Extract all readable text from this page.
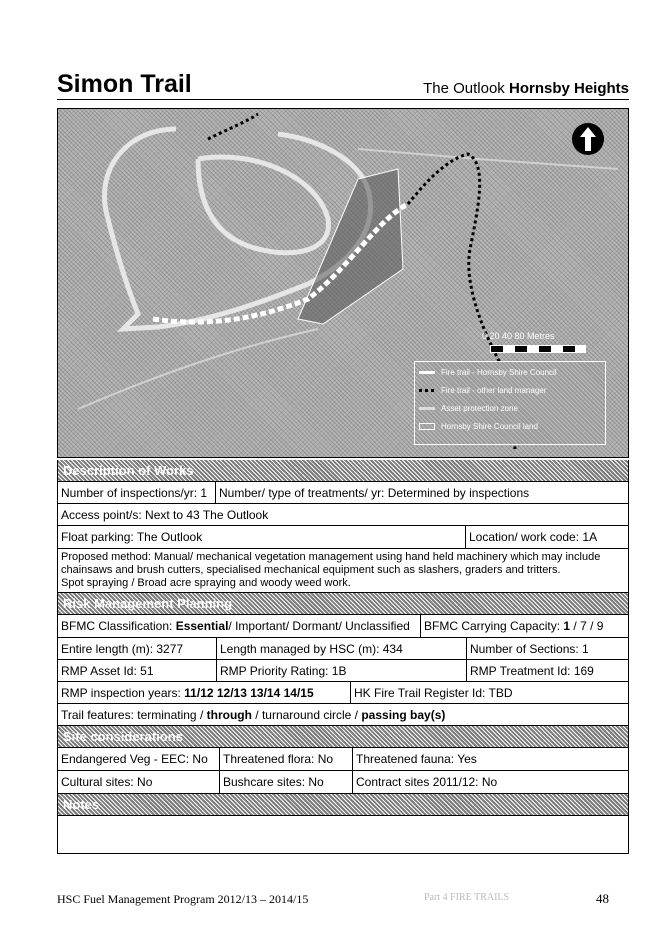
Simon Trail	The Outlook Hornsby Heights
0 20 40 80 Metres
Fire trail - Hornsby Shire Council
Fire trail - other land manager
Asset protection zone
Hornsby Shire Council land
Description of Works
Number of inspections/yr: 1 Number/ type of treatments/ yr: Determined by inspections
Access point/s: Next to 43 The Outlook
Float parking: The Outlook	Location/ work code: 1A
Proposed method: Manual/ mechanical vegetation management using hand held machinery which may include
chainsaws and brush cutters, specialised mechanical equipment such as slashers, graders and tritters.
Spot spraying / Broad acre spraying and woody weed work.
Risk Management Planning
BFMC Classification: Essential/ Important/ Dormant/ Unclassified	BFMC Carrying Capacity: 1 / 7 / 9
Entire length (m): 3277	Length managed by HSC (m): 434	Number of Sections: 1
RMP Asset Id: 51	RMP Priority Rating: 1B	RMP Treatment Id: 169
RMP inspection years: 11/12 12/13 13/14 14/15	HK Fire Trail Register Id: TBD
Trail features: terminating / through / turnaround circle / passing bay(s)
Site considerations
Endangered Veg - EEC: No	Threatened flora: No	Threatened fauna: Yes
Cultural sites: No	Bushcare sites: No	Contract sites 2011/12: No
Notes
HSC Fuel Management Program 2012/13 – 2014/15	Part 4 FIRE TRAILS	48
